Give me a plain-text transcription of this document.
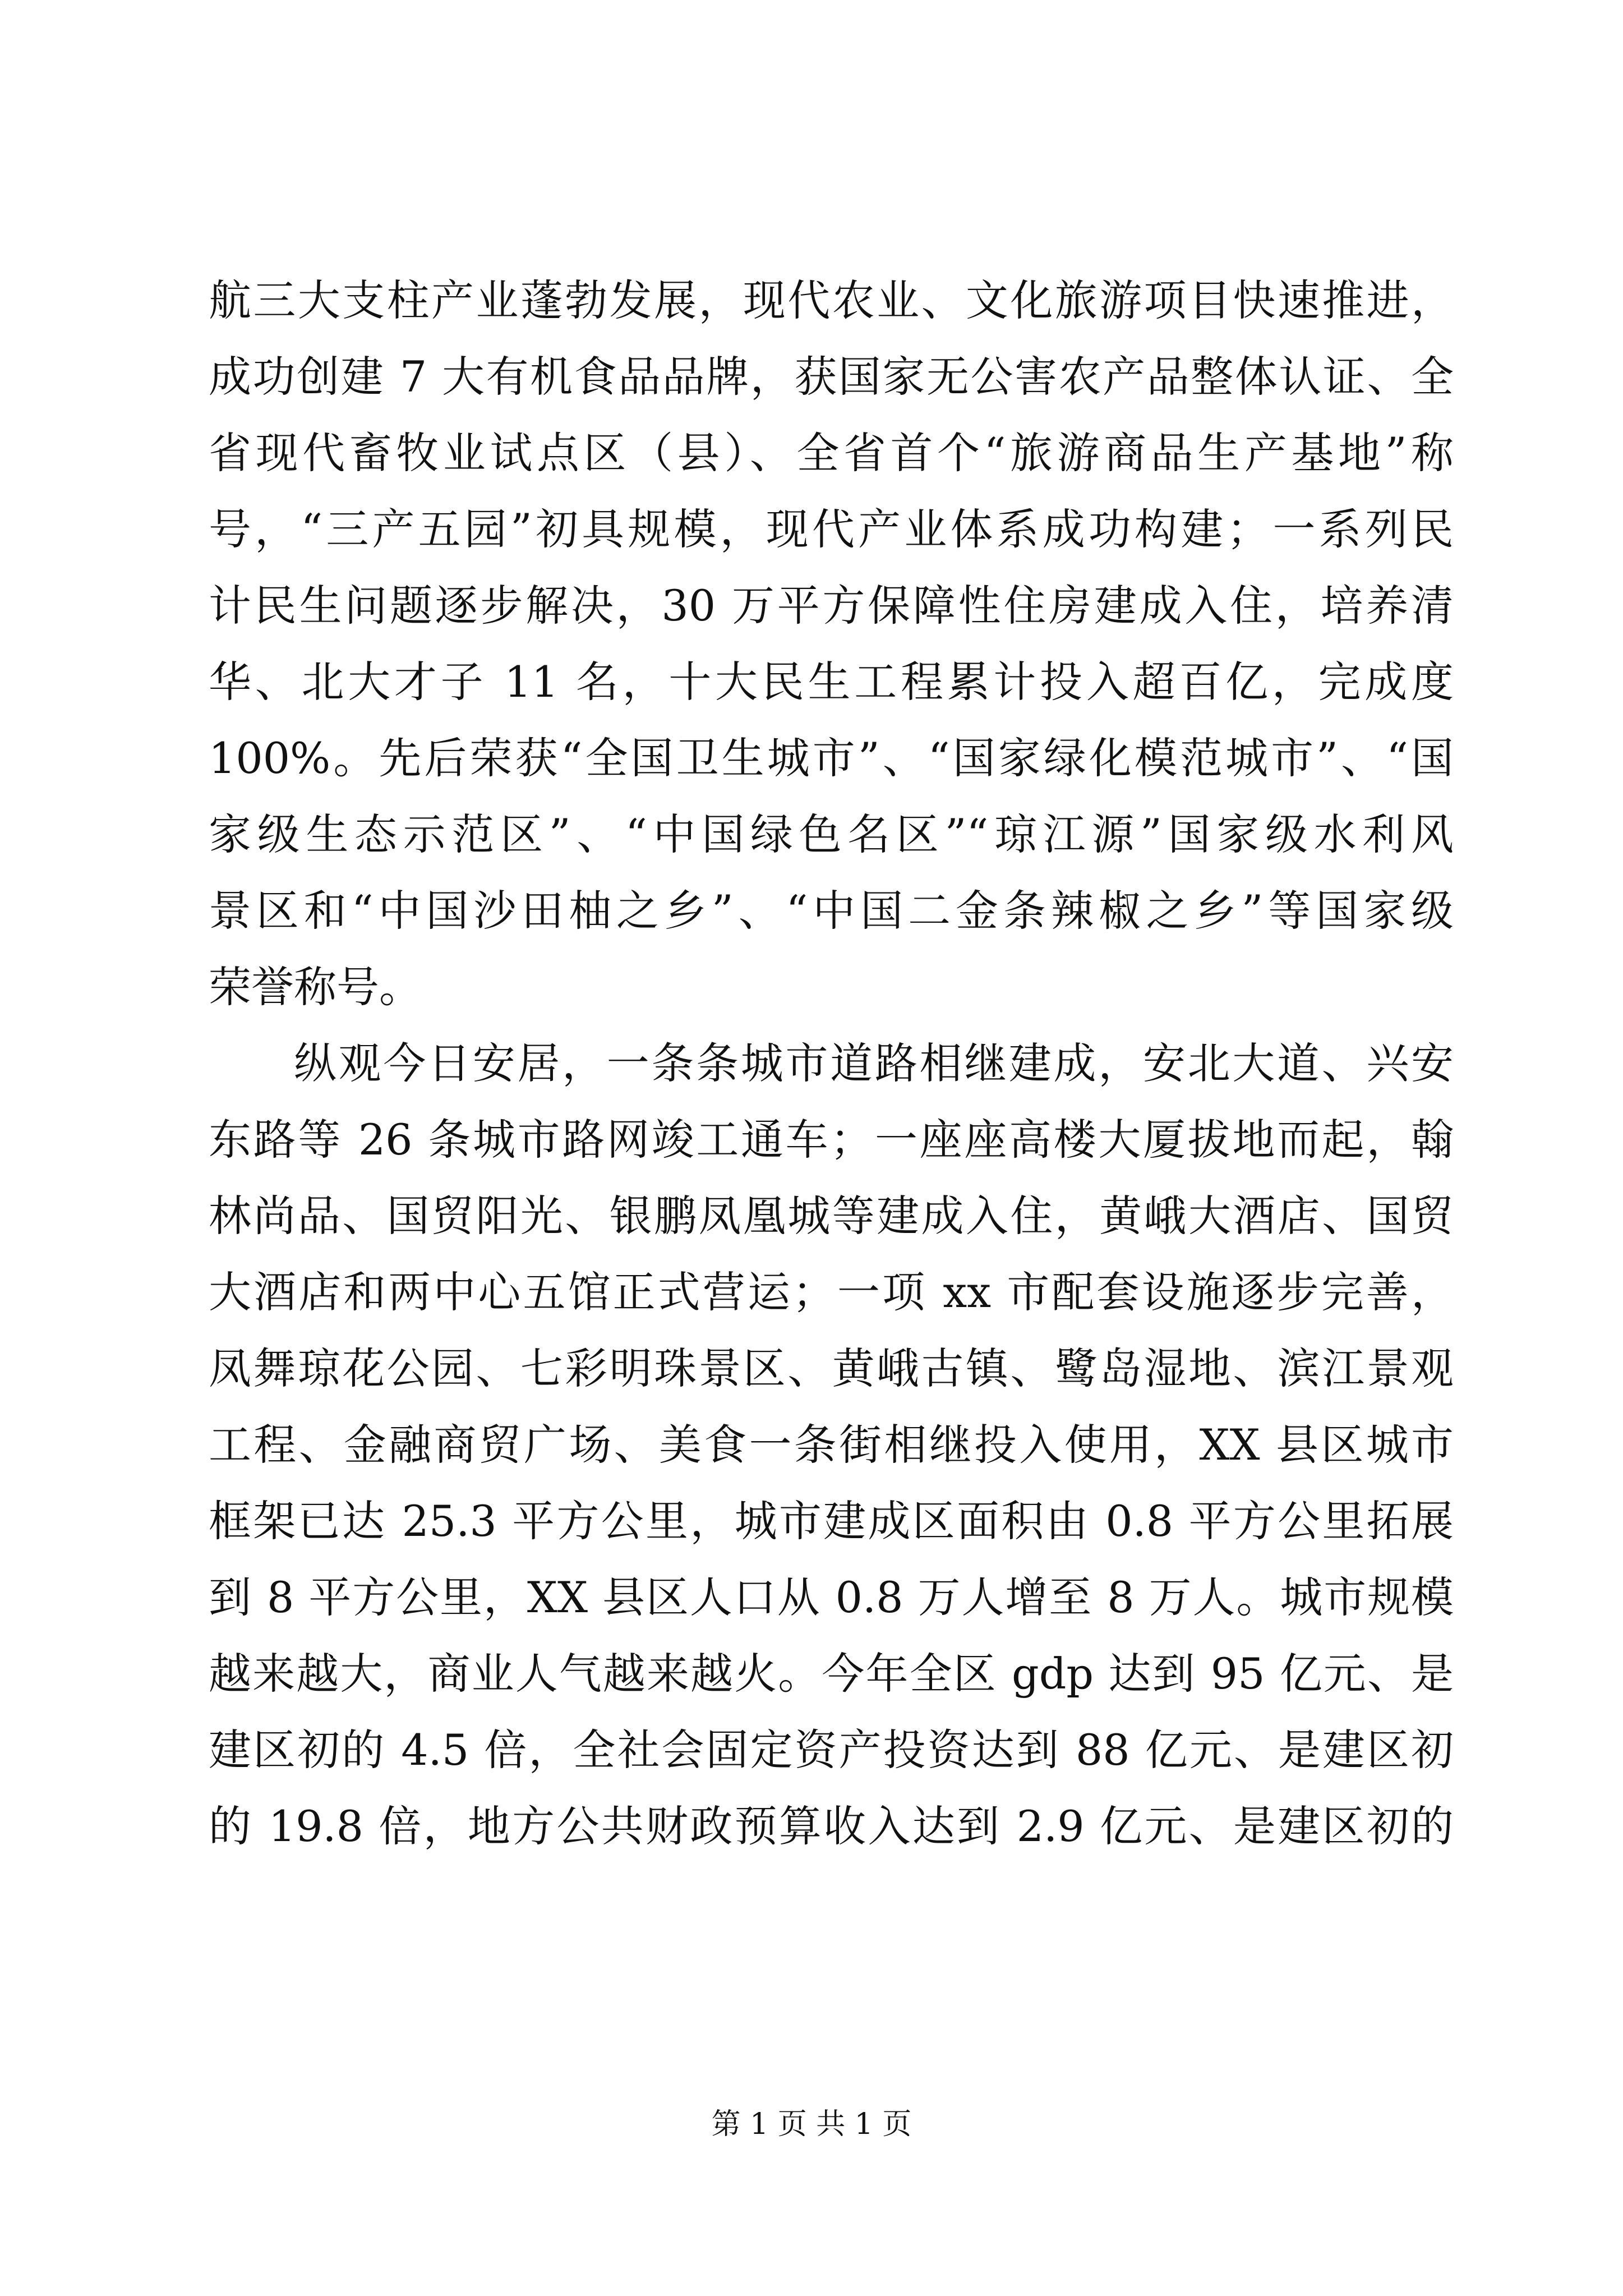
航三大支柱产业蓬勃发展，现代农业、文化旅游项目快速推进，
成功创建 7 大有机食品品牌，获国家无公害农产品整体认证、全
省现代畜牧业试点区（县）、全省首个“旅游商品生产基地”称
号，“三产五园”初具规模，现代产业体系成功构建；一系列民
计民生问题逐步解决，30 万平方保障性住房建成入住，培养清
华、北大才子 11 名，十大民生工程累计投入超百亿，完成度
100%。先后荣获“全国卫生城市”、“国家绿化模范城市”、“国
家级生态示范区”、“中国绿色名区”“琼江源”国家级水利风
景区和“中国沙田柚之乡”、“中国二金条辣椒之乡”等国家级
荣誉称号。
纵观今日安居，一条条城市道路相继建成，安北大道、兴安
东路等 26 条城市路网竣工通车；一座座高楼大厦拔地而起，翰
林尚品、国贸阳光、银鹏凤凰城等建成入住，黄峨大酒店、国贸
大酒店和两中心五馆正式营运；一项 xx 市配套设施逐步完善，
凤舞琼花公园、七彩明珠景区、黄峨古镇、鹭岛湿地、滨江景观
工程、金融商贸广场、美食一条街相继投入使用，XX 县区城市
框架已达 25.3 平方公里，城市建成区面积由 0.8 平方公里拓展
到 8 平方公里，XX 县区人口从 0.8 万人增至 8 万人。城市规模
越来越大，商业人气越来越火。今年全区 gdp 达到 95 亿元、是
建区初的 4.5 倍，全社会固定资产投资达到 88 亿元、是建区初
的 19.8 倍，地方公共财政预算收入达到 2.9 亿元、是建区初的
第 1 页 共 1 页
